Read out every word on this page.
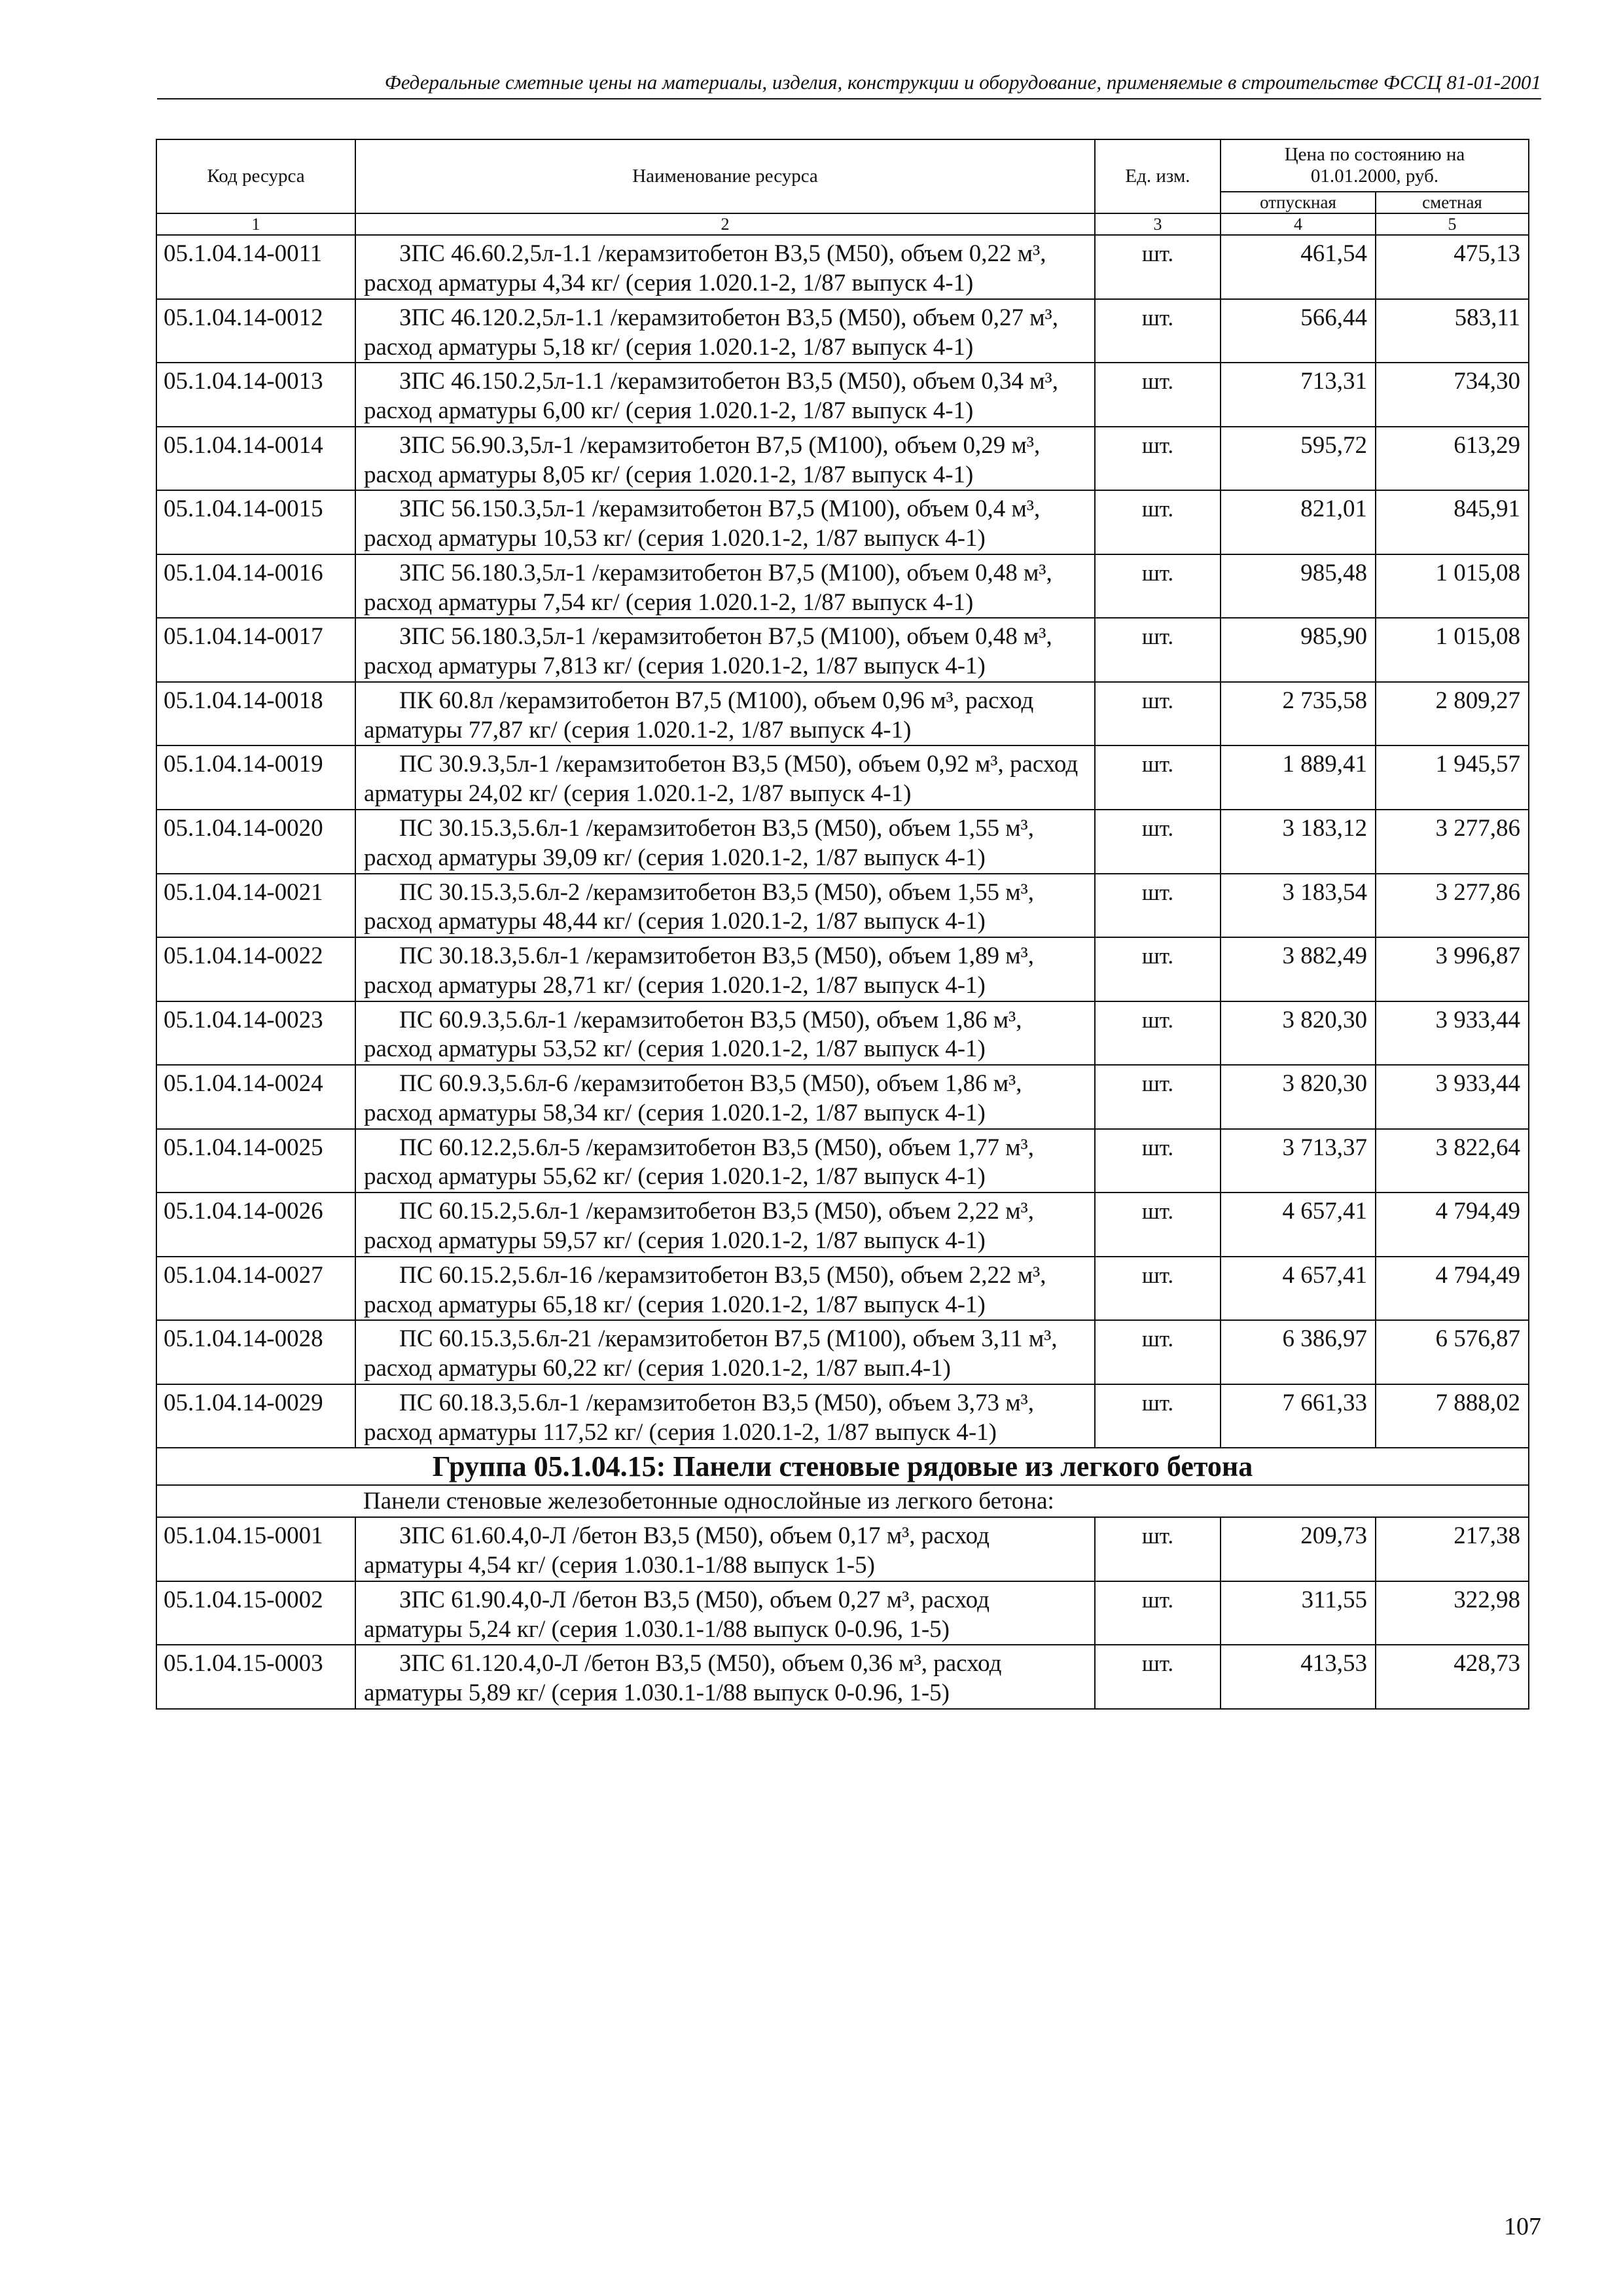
Федеральные сметные цены на материалы, изделия, конструкции и оборудование, применяемые в строительстве ФССЦ 81-01-2001
Код ресурса	Наименование ресурса	Ед. изм.	Цена по состоянию на 01.01.2000, руб.	
			отпускная	сметная
1	2	3	4	5
05.1.04.14-0011	ЗПС 46.60.2,5л-1.1 /керамзитобетон В3,5 (М50), объем 0,22 м³, расход арматуры 4,34 кг/ (серия 1.020.1-2, 1/87 выпуск 4-1)	шт.	461,54	475,13
05.1.04.14-0012	ЗПС 46.120.2,5л-1.1 /керамзитобетон В3,5 (М50), объем 0,27 м³, расход арматуры 5,18 кг/ (серия 1.020.1-2, 1/87 выпуск 4-1)	шт.	566,44	583,11
05.1.04.14-0013	ЗПС 46.150.2,5л-1.1 /керамзитобетон В3,5 (М50), объем 0,34 м³, расход арматуры 6,00 кг/ (серия 1.020.1-2, 1/87 выпуск 4-1)	шт.	713,31	734,30
05.1.04.14-0014	ЗПС 56.90.3,5л-1 /керамзитобетон В7,5 (М100), объем 0,29 м³, расход арматуры 8,05 кг/ (серия 1.020.1-2, 1/87 выпуск 4-1)	шт.	595,72	613,29
05.1.04.14-0015	ЗПС 56.150.3,5л-1 /керамзитобетон В7,5 (М100), объем 0,4 м³, расход арматуры 10,53 кг/ (серия 1.020.1-2, 1/87 выпуск 4-1)	шт.	821,01	845,91
05.1.04.14-0016	ЗПС 56.180.3,5л-1 /керамзитобетон В7,5 (М100), объем 0,48 м³, расход арматуры 7,54 кг/ (серия 1.020.1-2, 1/87 выпуск 4-1)	шт.	985,48	1 015,08
05.1.04.14-0017	ЗПС 56.180.3,5л-1 /керамзитобетон В7,5 (М100), объем 0,48 м³, расход арматуры 7,813 кг/ (серия 1.020.1-2, 1/87 выпуск 4-1)	шт.	985,90	1 015,08
05.1.04.14-0018	ПК 60.8л /керамзитобетон В7,5 (М100), объем 0,96 м³, расход арматуры 77,87 кг/ (серия 1.020.1-2, 1/87 выпуск 4-1)	шт.	2 735,58	2 809,27
05.1.04.14-0019	ПС 30.9.3,5л-1 /керамзитобетон В3,5 (М50), объем 0,92 м³, расход арматуры 24,02 кг/ (серия 1.020.1-2, 1/87 выпуск 4-1)	шт.	1 889,41	1 945,57
05.1.04.14-0020	ПС 30.15.3,5.6л-1 /керамзитобетон В3,5 (М50), объем 1,55 м³, расход арматуры 39,09 кг/ (серия 1.020.1-2, 1/87 выпуск 4-1)	шт.	3 183,12	3 277,86
05.1.04.14-0021	ПС 30.15.3,5.6л-2 /керамзитобетон В3,5 (М50), объем 1,55 м³, расход арматуры 48,44 кг/ (серия 1.020.1-2, 1/87 выпуск 4-1)	шт.	3 183,54	3 277,86
05.1.04.14-0022	ПС 30.18.3,5.6л-1 /керамзитобетон В3,5 (М50), объем 1,89 м³, расход арматуры 28,71 кг/ (серия 1.020.1-2, 1/87 выпуск 4-1)	шт.	3 882,49	3 996,87
05.1.04.14-0023	ПС 60.9.3,5.6л-1 /керамзитобетон В3,5 (М50), объем 1,86 м³, расход арматуры 53,52 кг/ (серия 1.020.1-2, 1/87 выпуск 4-1)	шт.	3 820,30	3 933,44
05.1.04.14-0024	ПС 60.9.3,5.6л-6 /керамзитобетон В3,5 (М50), объем 1,86 м³, расход арматуры 58,34 кг/ (серия 1.020.1-2, 1/87 выпуск 4-1)	шт.	3 820,30	3 933,44
05.1.04.14-0025	ПС 60.12.2,5.6л-5 /керамзитобетон В3,5 (М50), объем 1,77 м³, расход арматуры 55,62 кг/ (серия 1.020.1-2, 1/87 выпуск 4-1)	шт.	3 713,37	3 822,64
05.1.04.14-0026	ПС 60.15.2,5.6л-1 /керамзитобетон В3,5 (М50), объем 2,22 м³, расход арматуры 59,57 кг/ (серия 1.020.1-2, 1/87 выпуск 4-1)	шт.	4 657,41	4 794,49
05.1.04.14-0027	ПС 60.15.2,5.6л-16 /керамзитобетон В3,5 (М50), объем 2,22 м³, расход арматуры 65,18 кг/ (серия 1.020.1-2, 1/87 выпуск 4-1)	шт.	4 657,41	4 794,49
05.1.04.14-0028	ПС 60.15.3,5.6л-21 /керамзитобетон В7,5 (М100), объем 3,11 м³, расход арматуры 60,22 кг/ (серия 1.020.1-2, 1/87 вып.4-1)	шт.	6 386,97	6 576,87
05.1.04.14-0029	ПС 60.18.3,5.6л-1 /керамзитобетон В3,5 (М50), объем 3,73 м³, расход арматуры 117,52 кг/ (серия 1.020.1-2, 1/87 выпуск 4-1)	шт.	7 661,33	7 888,02
Группа 05.1.04.15: Панели стеновые рядовые из легкого бетона				
	Панели стеновые железобетонные однослойные из легкого бетона:			
05.1.04.15-0001	ЗПС 61.60.4,0-Л /бетон В3,5 (М50), объем 0,17 м³, расход арматуры 4,54 кг/ (серия 1.030.1-1/88 выпуск 1-5)	шт.	209,73	217,38
05.1.04.15-0002	ЗПС 61.90.4,0-Л /бетон В3,5 (М50), объем 0,27 м³, расход арматуры 5,24 кг/ (серия 1.030.1-1/88 выпуск 0-0.96, 1-5)	шт.	311,55	322,98
05.1.04.15-0003	ЗПС 61.120.4,0-Л /бетон В3,5 (М50), объем 0,36 м³, расход арматуры 5,89 кг/ (серия 1.030.1-1/88 выпуск 0-0.96, 1-5)	шт.	413,53	428,73
107
